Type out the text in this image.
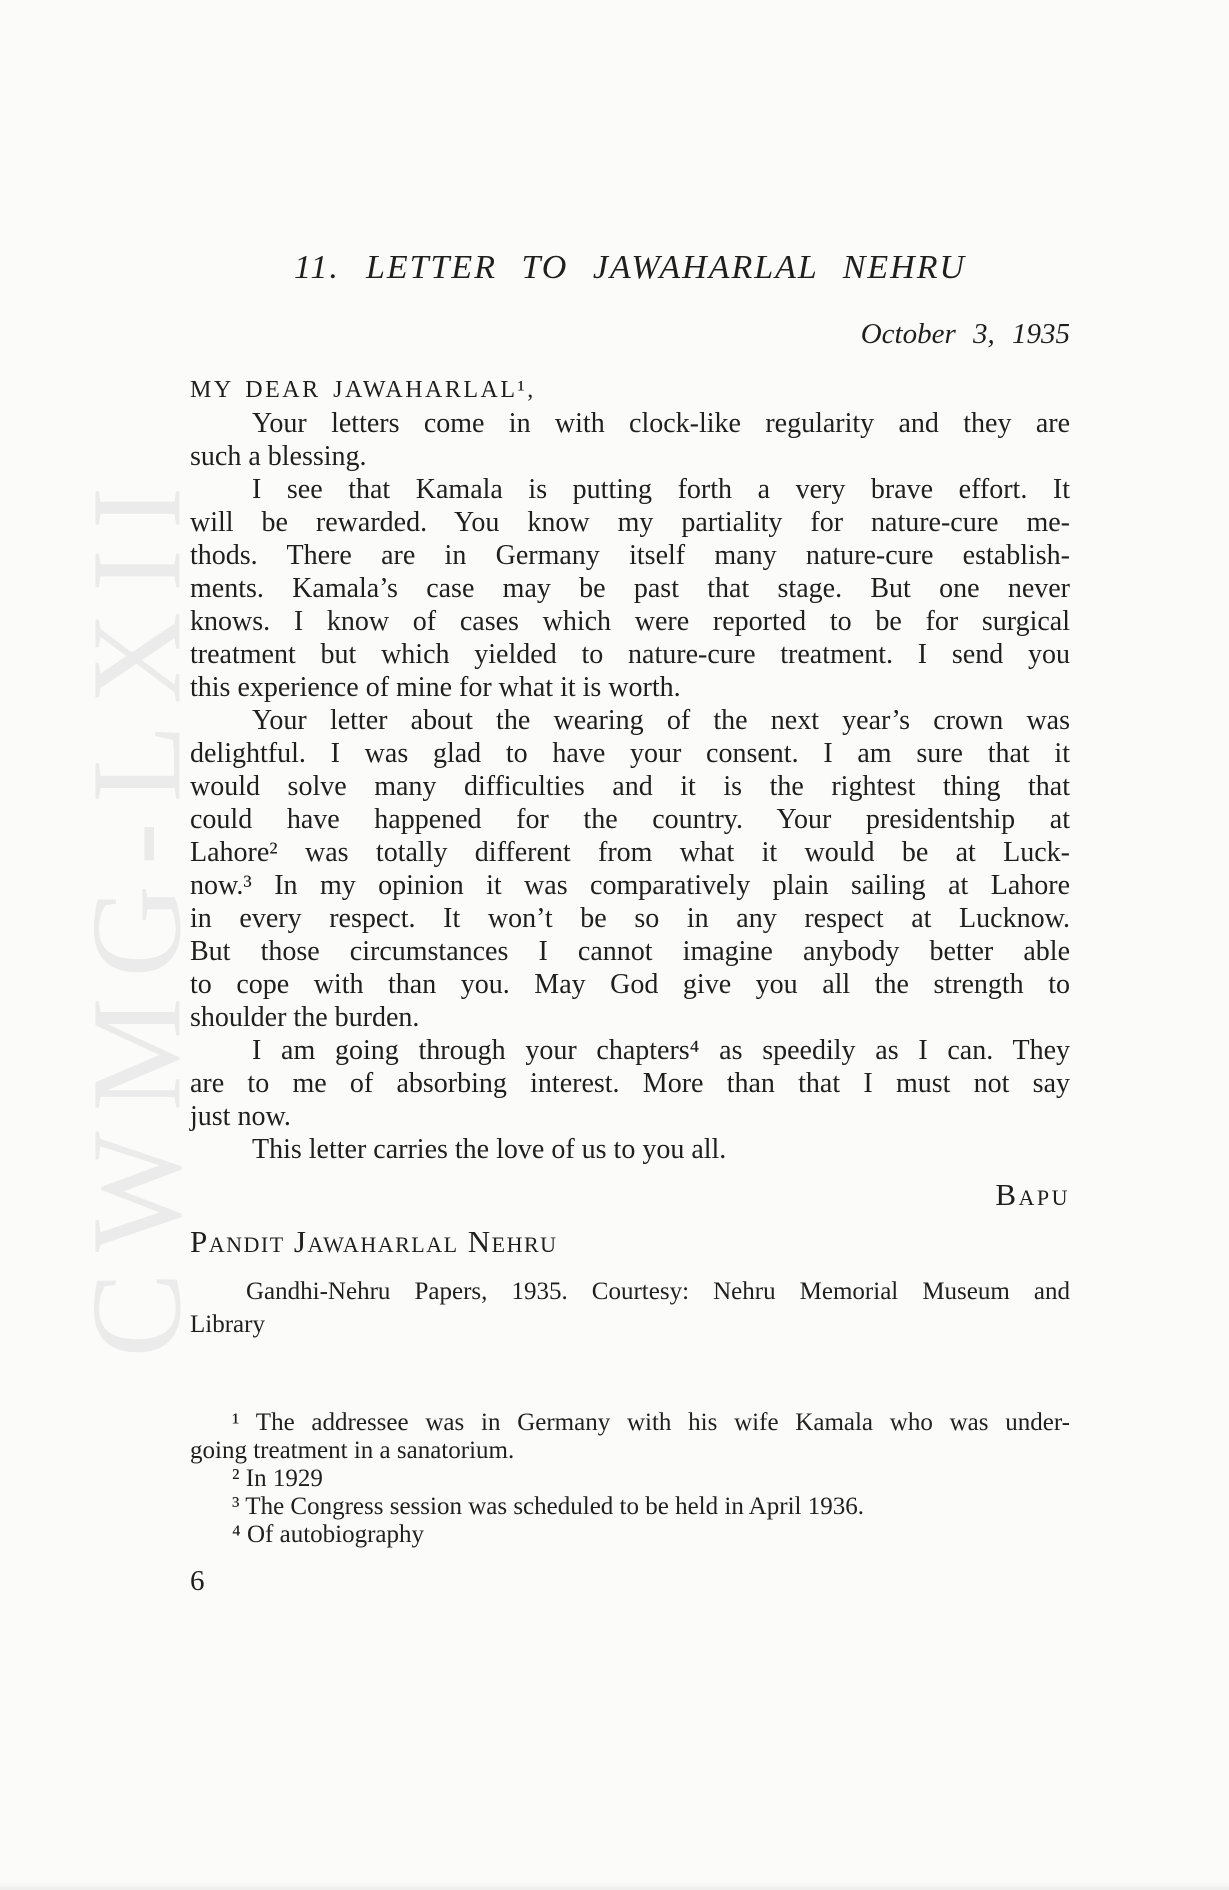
CWMG-LXII
11. LETTER TO JAWAHARLAL NEHRU
October 3, 1935
MY DEAR JAWAHARLAL¹,
Your letters come in with clock-like regularity and they are
such a blessing.
I see that Kamala is putting forth a very brave effort. It
will be rewarded. You know my partiality for nature-cure me-
thods. There are in Germany itself many nature-cure establish-
ments. Kamala’s case may be past that stage. But one never
knows. I know of cases which were reported to be for surgical
treatment but which yielded to nature-cure treatment. I send you
this experience of mine for what it is worth.
Your letter about the wearing of the next year’s crown was
delightful. I was glad to have your consent. I am sure that it
would solve many difficulties and it is the rightest thing that
could have happened for the country. Your presidentship at
Lahore² was totally different from what it would be at Luck-
now.³ In my opinion it was comparatively plain sailing at Lahore
in every respect. It won’t be so in any respect at Lucknow.
But those circumstances I cannot imagine anybody better able
to cope with than you. May God give you all the strength to
shoulder the burden.
I am going through your chapters⁴ as speedily as I can. They
are to me of absorbing interest. More than that I must not say
just now.
This letter carries the love of us to you all.
Bapu
Pandit Jawaharlal Nehru
Gandhi-Nehru Papers, 1935. Courtesy: Nehru Memorial Museum and
Library
¹ The addressee was in Germany with his wife Kamala who was under-
going treatment in a sanatorium.
² In 1929
³ The Congress session was scheduled to be held in April 1936.
⁴ Of autobiography
6
